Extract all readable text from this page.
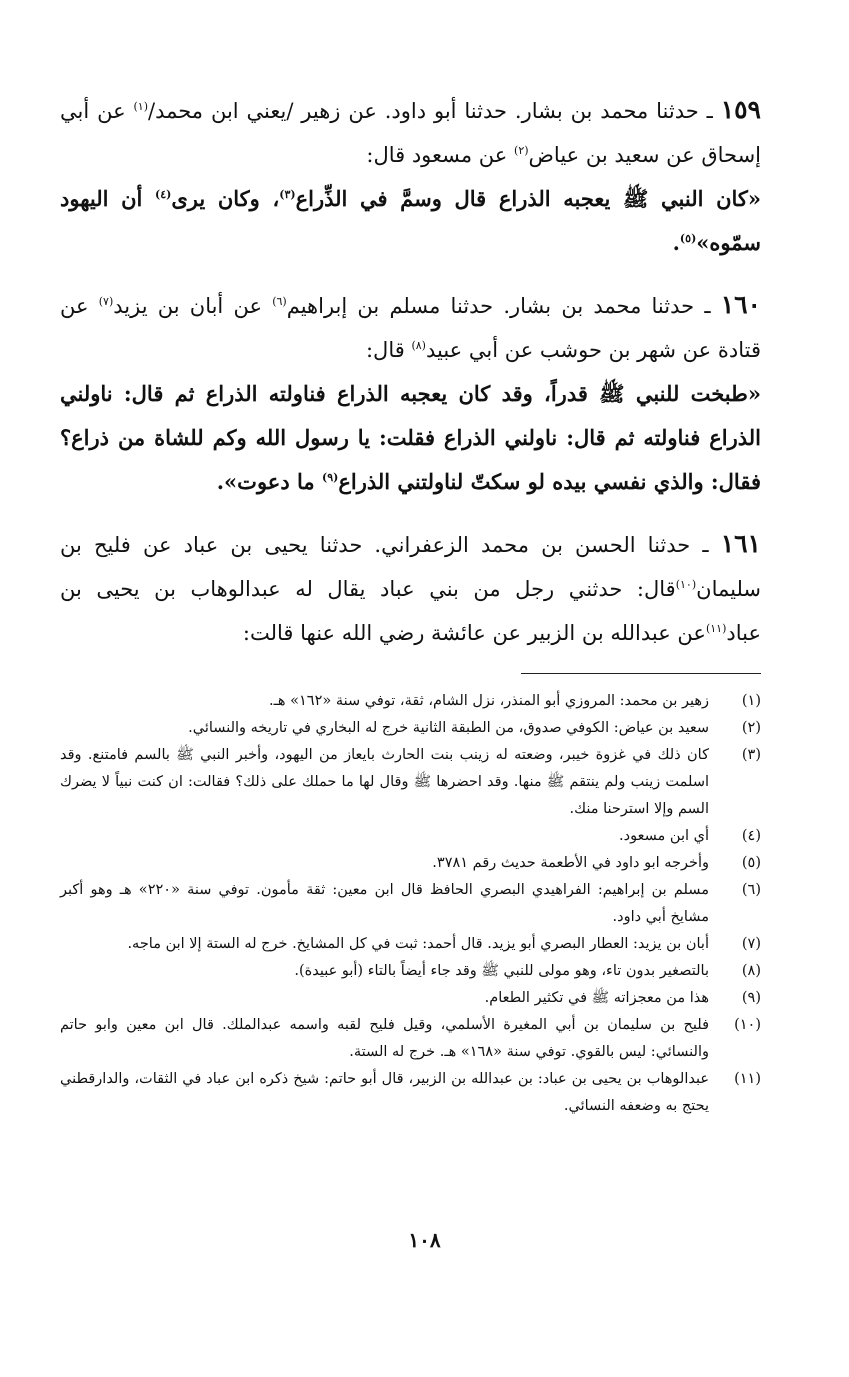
١٥٩ ـ حدثنا محمد بن بشار. حدثنا أبو داود. عن زهير /يعني ابن محمد/$^{(١)}$ عن أبي إسحاق عن سعيد بن عياض$^{(٢)}$ عن مسعود قال:

«كان النبي ﷺ يعجبه الذراع قال وسمَّ في الذِّراع$^{(٣)}$، وكان يرى$^{(٤)}$ أن اليهود سمّوه»$^{(٥)}$.

١٦٠ ـ حدثنا محمد بن بشار. حدثنا مسلم بن إبراهيم$^{(٦)}$ عن أبان بن يزيد$^{(٧)}$ عن قتادة عن شهر بن حوشب عن أبي عبيد$^{(٨)}$ قال:

«طبخت للنبي ﷺ قدراً، وقد كان يعجبه الذراع فناولته الذراع ثم قال: ناولني الذراع فناولته ثم قال: ناولني الذراع فقلت: يا رسول الله وكم للشاة من ذراع؟ فقال: والذي نفسي بيده لو سكتّ لناولتني الذراع$^{(٩)}$ ما دعوت».

١٦١ ـ حدثنا الحسن بن محمد الزعفراني. حدثنا يحيى بن عباد عن فليح بن سليمان$^{(١٠)}$قال: حدثني رجل من بني عباد يقال له عبدالوهاب بن يحيى بن عباد$^{(١١)}$عن عبدالله بن الزبير عن عائشة رضي الله عنها قالت:

(١)
زهير بن محمد: المروزي أبو المنذر، نزل الشام، ثقة، توفي سنة «١٦٢» هـ.
(٢)
سعيد بن عياض: الكوفي صدوق، من الطبقة الثانية خرج له البخاري في تاريخه والنسائي.
(٣)
كان ذلك في غزوة خيبر، وضعته له زينب بنت الحارث بايعاز من اليهود، وأخبر النبي ﷺ بالسم فامتنع. وقد اسلمت زينب ولم ينتقم ﷺ منها. وقد احضرها ﷺ وقال لها ما حملك على ذلك؟ فقالت: ان كنت نبياً لا يضرك السم وإلا استرحنا منك.
(٤)
أي ابن مسعود.
(٥)
وأخرجه ابو داود في الأطعمة حديث رقم ٣٧٨١.
(٦)
مسلم بن إبراهيم: الفراهيدي البصري الحافظ قال ابن معين: ثقة مأمون. توفي سنة «٢٢٠» هـ وهو أكبر مشايخ أبي داود.
(٧)
أبان بن يزيد: العطار البصري أبو يزيد. قال أحمد: ثبت في كل المشايخ. خرج له الستة إلا ابن ماجه.
(٨)
بالتصغير بدون تاء، وهو مولى للنبي ﷺ وقد جاء أيضاً بالتاء (أبو عبيدة).
(٩)
هذا من معجزاته ﷺ في تكثير الطعام.
(١٠)
فليح بن سليمان بن أبي المغيرة الأسلمي، وقيل فليح لقبه واسمه عبدالملك. قال ابن معين وابو حاتم والنسائي: ليس بالقوي. توفي سنة «١٦٨» هـ. خرج له الستة.
(١١)
عبدالوهاب بن يحيى بن عباد: بن عبدالله بن الزبير، قال أبو حاتم: شيخ ذكره ابن عباد في الثقات، والدارقطني يحتج به وضعفه النسائي.
١٠٨
